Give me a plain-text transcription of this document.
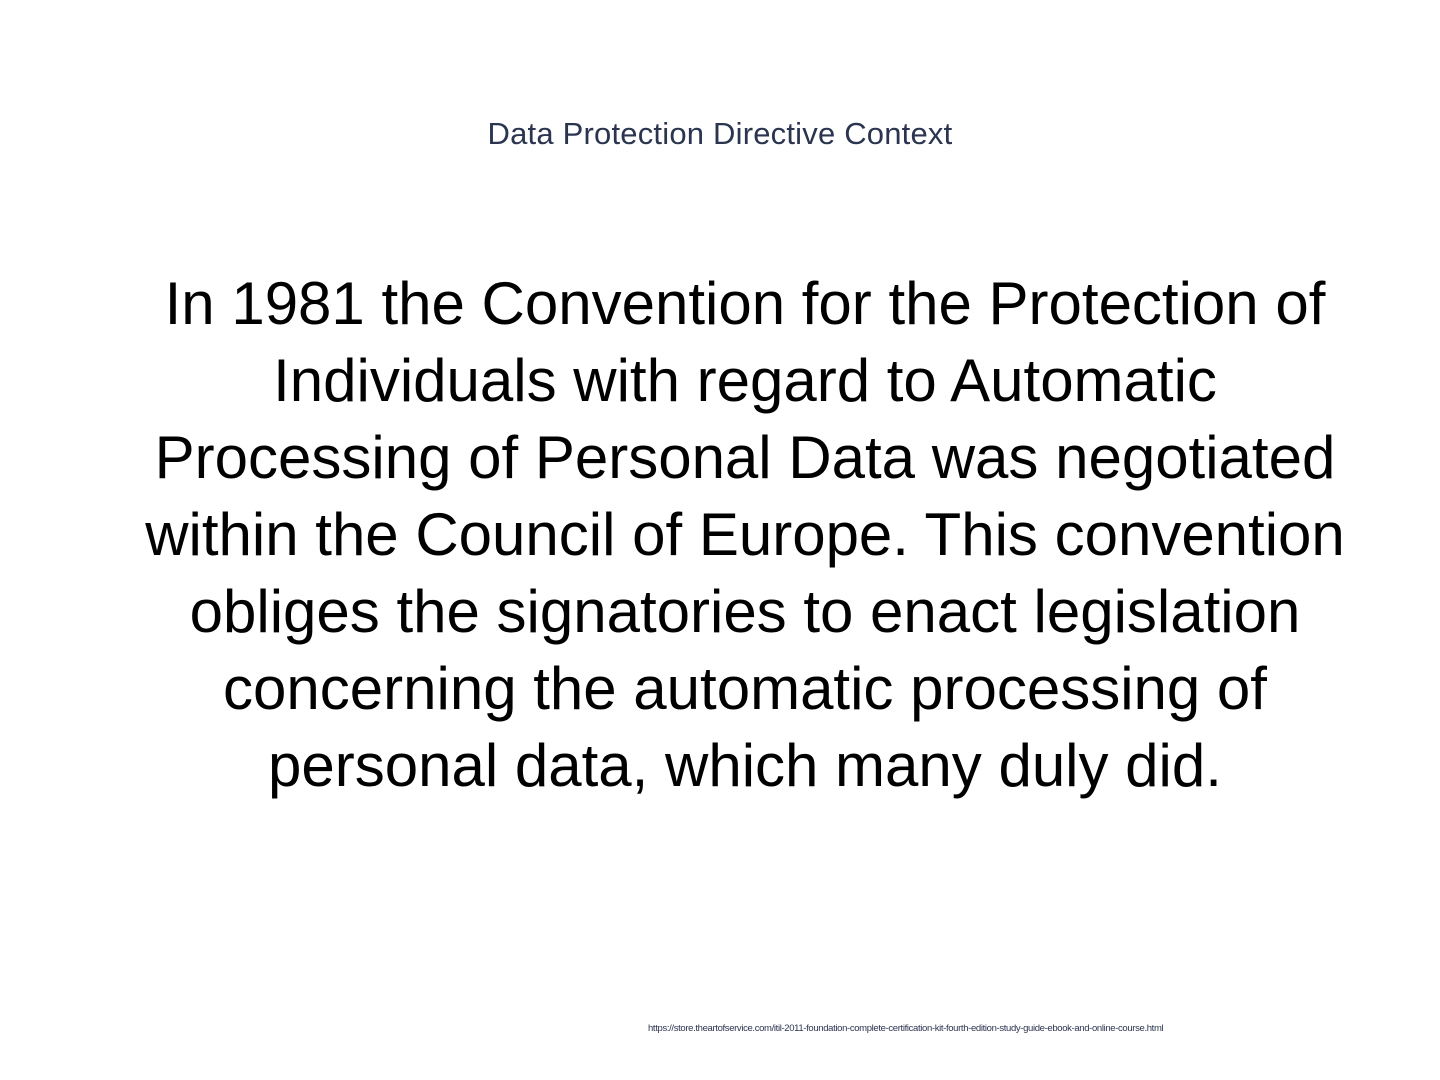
Data Protection Directive Context
In 1981 the Convention for the Protection of Individuals with regard to Automatic Processing of Personal Data was negotiated within the Council of Europe. This convention obliges the signatories to enact legislation concerning the automatic processing of personal data, which many duly did.
https://store.theartofservice.com/itil-2011-foundation-complete-certification-kit-fourth-edition-study-guide-ebook-and-online-course.html
